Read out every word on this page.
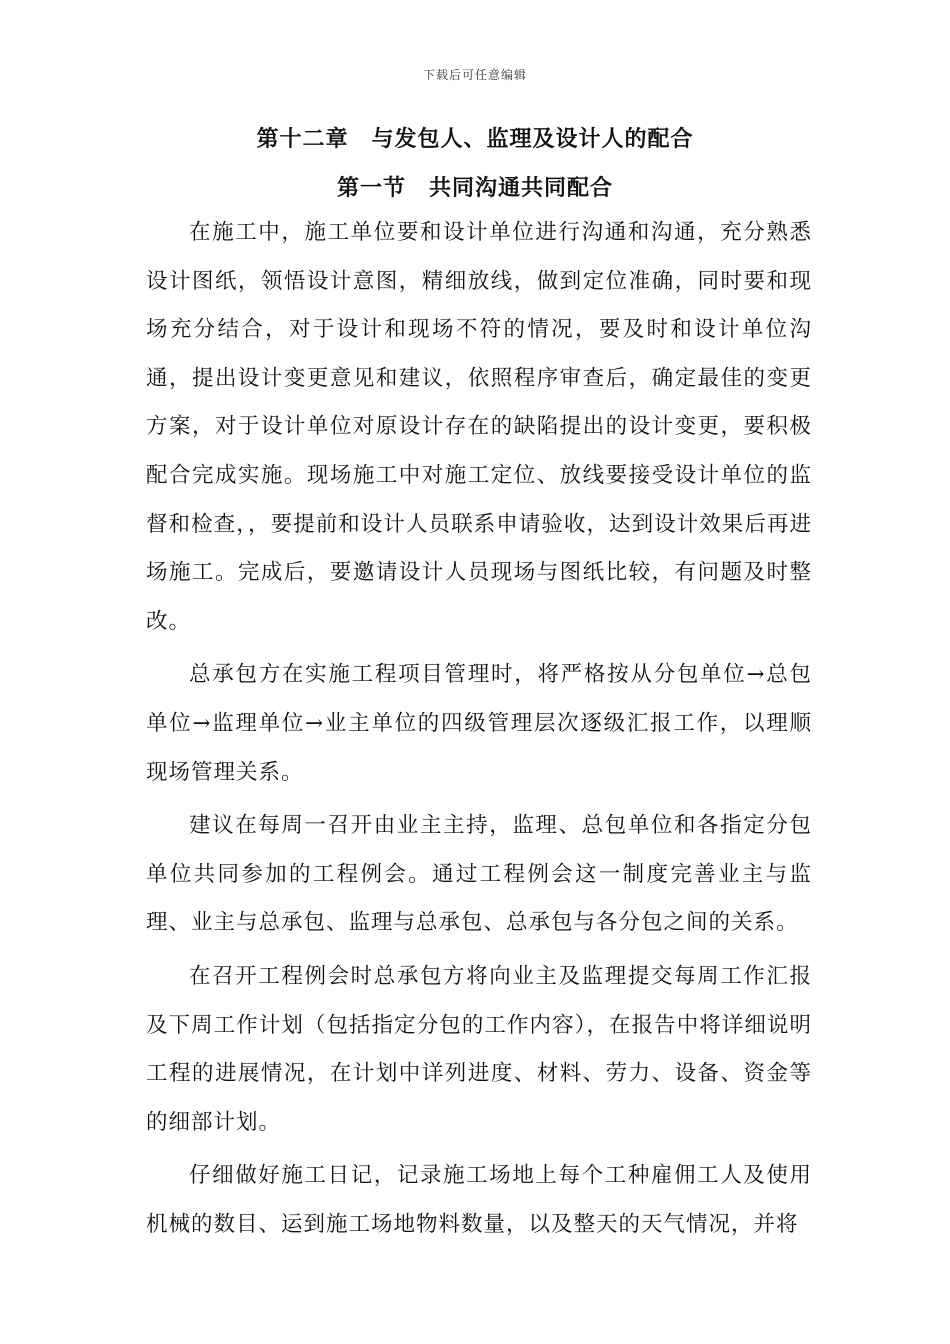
下载后可任意编辑
第十二章　与发包人、监理及设计人的配合
第一节　共同沟通共同配合

在施工中，施工单位要和设计单位进行沟通和沟通，充分熟悉设计图纸，领悟设计意图，精细放线，做到定位准确，同时要和现场充分结合，对于设计和现场不符的情况，要及时和设计单位沟通，提出设计变更意见和建议，依照程序审查后，确定最佳的变更方案，对于设计单位对原设计存在的缺陷提出的设计变更，要积极配合完成实施。现场施工中对施工定位、放线要接受设计单位的监督和检查，，要提前和设计人员联系申请验收，达到设计效果后再进场施工。完成后，要邀请设计人员现场与图纸比较，有问题及时整改。

总承包方在实施工程项目管理时，将严格按从分包单位→总包单位→监理单位→业主单位的四级管理层次逐级汇报工作，以理顺现场管理关系。

建议在每周一召开由业主主持，监理、总包单位和各指定分包单位共同参加的工程例会。通过工程例会这一制度完善业主与监理、业主与总承包、监理与总承包、总承包与各分包之间的关系。

在召开工程例会时总承包方将向业主及监理提交每周工作汇报及下周工作计划（包括指定分包的工作内容），在报告中将详细说明工程的进展情况，在计划中详列进度、材料、劳力、设备、资金等的细部计划。

仔细做好施工日记，记录施工场地上每个工种雇佣工人及使用机械的数目、运到施工场地物料数量，以及整天的天气情况，并将
